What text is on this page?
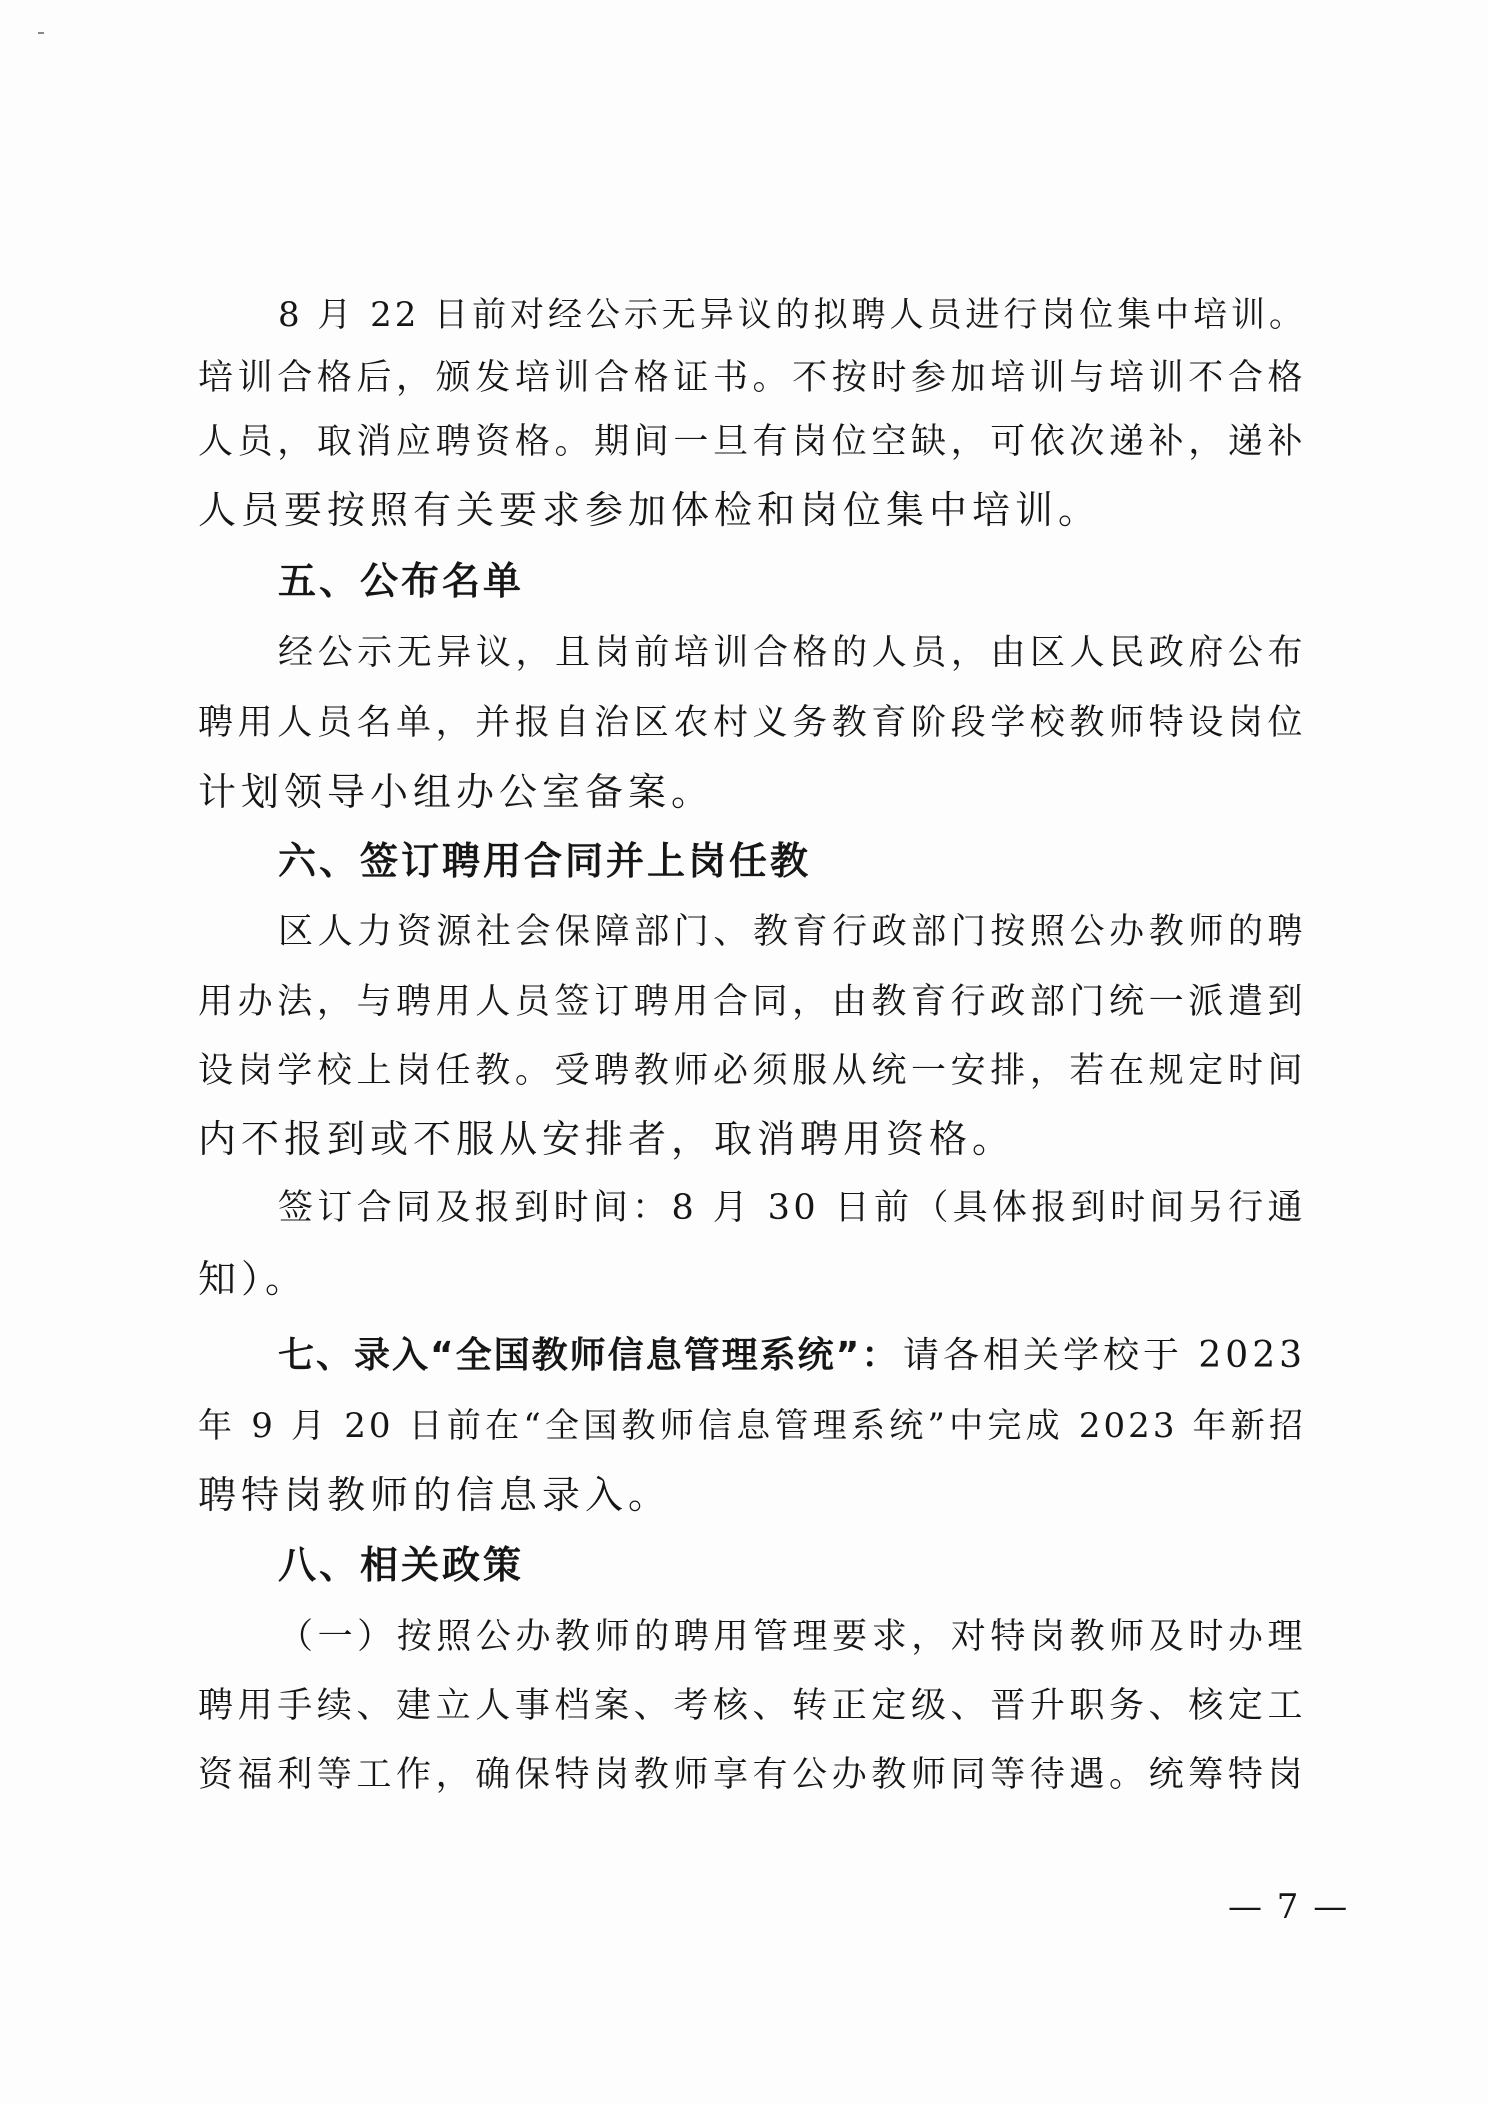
8 月 22 日前对经公示无异议的拟聘人员进行岗位集中培训。
培训合格后，颁发培训合格证书。不按时参加培训与培训不合格
人员，取消应聘资格。期间一旦有岗位空缺，可依次递补，递补
人员要按照有关要求参加体检和岗位集中培训。
五、公布名单
经公示无异议，且岗前培训合格的人员，由区人民政府公布
聘用人员名单，并报自治区农村义务教育阶段学校教师特设岗位
计划领导小组办公室备案。
六、签订聘用合同并上岗任教
区人力资源社会保障部门、教育行政部门按照公办教师的聘
用办法，与聘用人员签订聘用合同，由教育行政部门统一派遣到
设岗学校上岗任教。受聘教师必须服从统一安排，若在规定时间
内不报到或不服从安排者，取消聘用资格。
签订合同及报到时间：8 月 30 日前（具体报到时间另行通
知）。
七、录入“全国教师信息管理系统”： 请各相关学校于 2023
年 9 月 20 日前在“全国教师信息管理系统”中完成 2023 年新招
聘特岗教师的信息录入。
八、相关政策
（一）按照公办教师的聘用管理要求，对特岗教师及时办理
聘用手续、建立人事档案、考核、转正定级、晋升职务、核定工
资福利等工作，确保特岗教师享有公办教师同等待遇。统筹特岗
— 7 —
